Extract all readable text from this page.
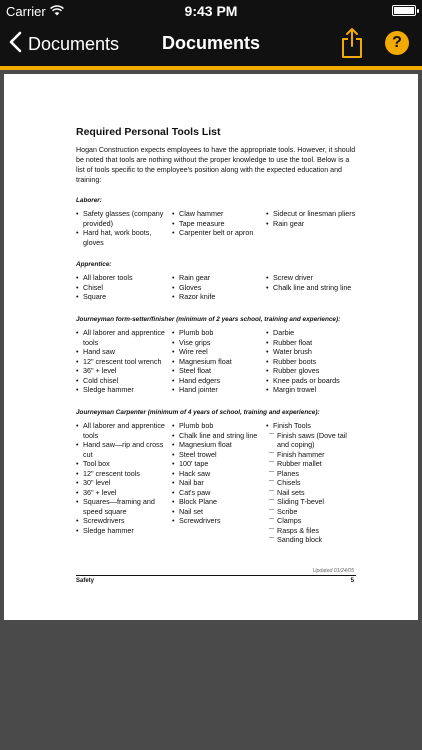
Carrier	9:43 PM
Documents	Documents	?
Required Personal Tools List

Hogan Construction expects employees to have the appropriate tools. However, it should be noted that tools are nothing without the proper knowledge to use the tool. Below is a list of tools specific to the employee's position along with the expected education and training:

Laborer:
• Safety glasses (company provided)
• Hard hat, work boots, gloves
• Claw hammer
• Tape measure
• Carpenter belt or apron
• Sidecut or linesman pliers
• Rain gear
Apprentice:
• All laborer tools
• Chisel
• Square
• Rain gear
• Gloves
• Razor knife
• Screw driver
• Chalk line and string line
Journeyman form-setter/finisher (minimum of 2 years school, training and experience):
• All laborer and apprentice tools
• Hand saw
• 12" crescent tool wrench
• 36" + level
• Cold chisel
• Sledge hammer
• Plumb bob
• Vise grips
• Wire reel
• Magnesium float
• Steel float
• Hand edgers
• Hand jointer
• Darbie
• Rubber float
• Water brush
• Rubber boots
• Rubber gloves
• Knee pads or boards
• Margin trowel
Journeyman Carpenter (minimum of 4 years of school, training and experience):
• All laborer and apprentice tools
• Hand saw—rip and cross cut
• Tool box
• 12" crescent tools
• 30" level
• 36" + level
• Squares—framing and speed square
• Screwdrivers
• Sledge hammer
• Plumb bob
• Chalk line and string line
• Magnesium float
• Steel trowel
• 100' tape
• Hack saw
• Nail bar
• Cat's paw
• Block Plane
• Nail set
• Screwdrivers
• Finish Tools
— Finish saws (Dove tail and coping)
— Finish hammer
— Rubber mallet
— Planes
— Chisels
— Nail sets
— Sliding T-bevel
— Scribe
— Clamps
— Rasps & files
— Sanding block
Updated 01/24/05
Safety	5
